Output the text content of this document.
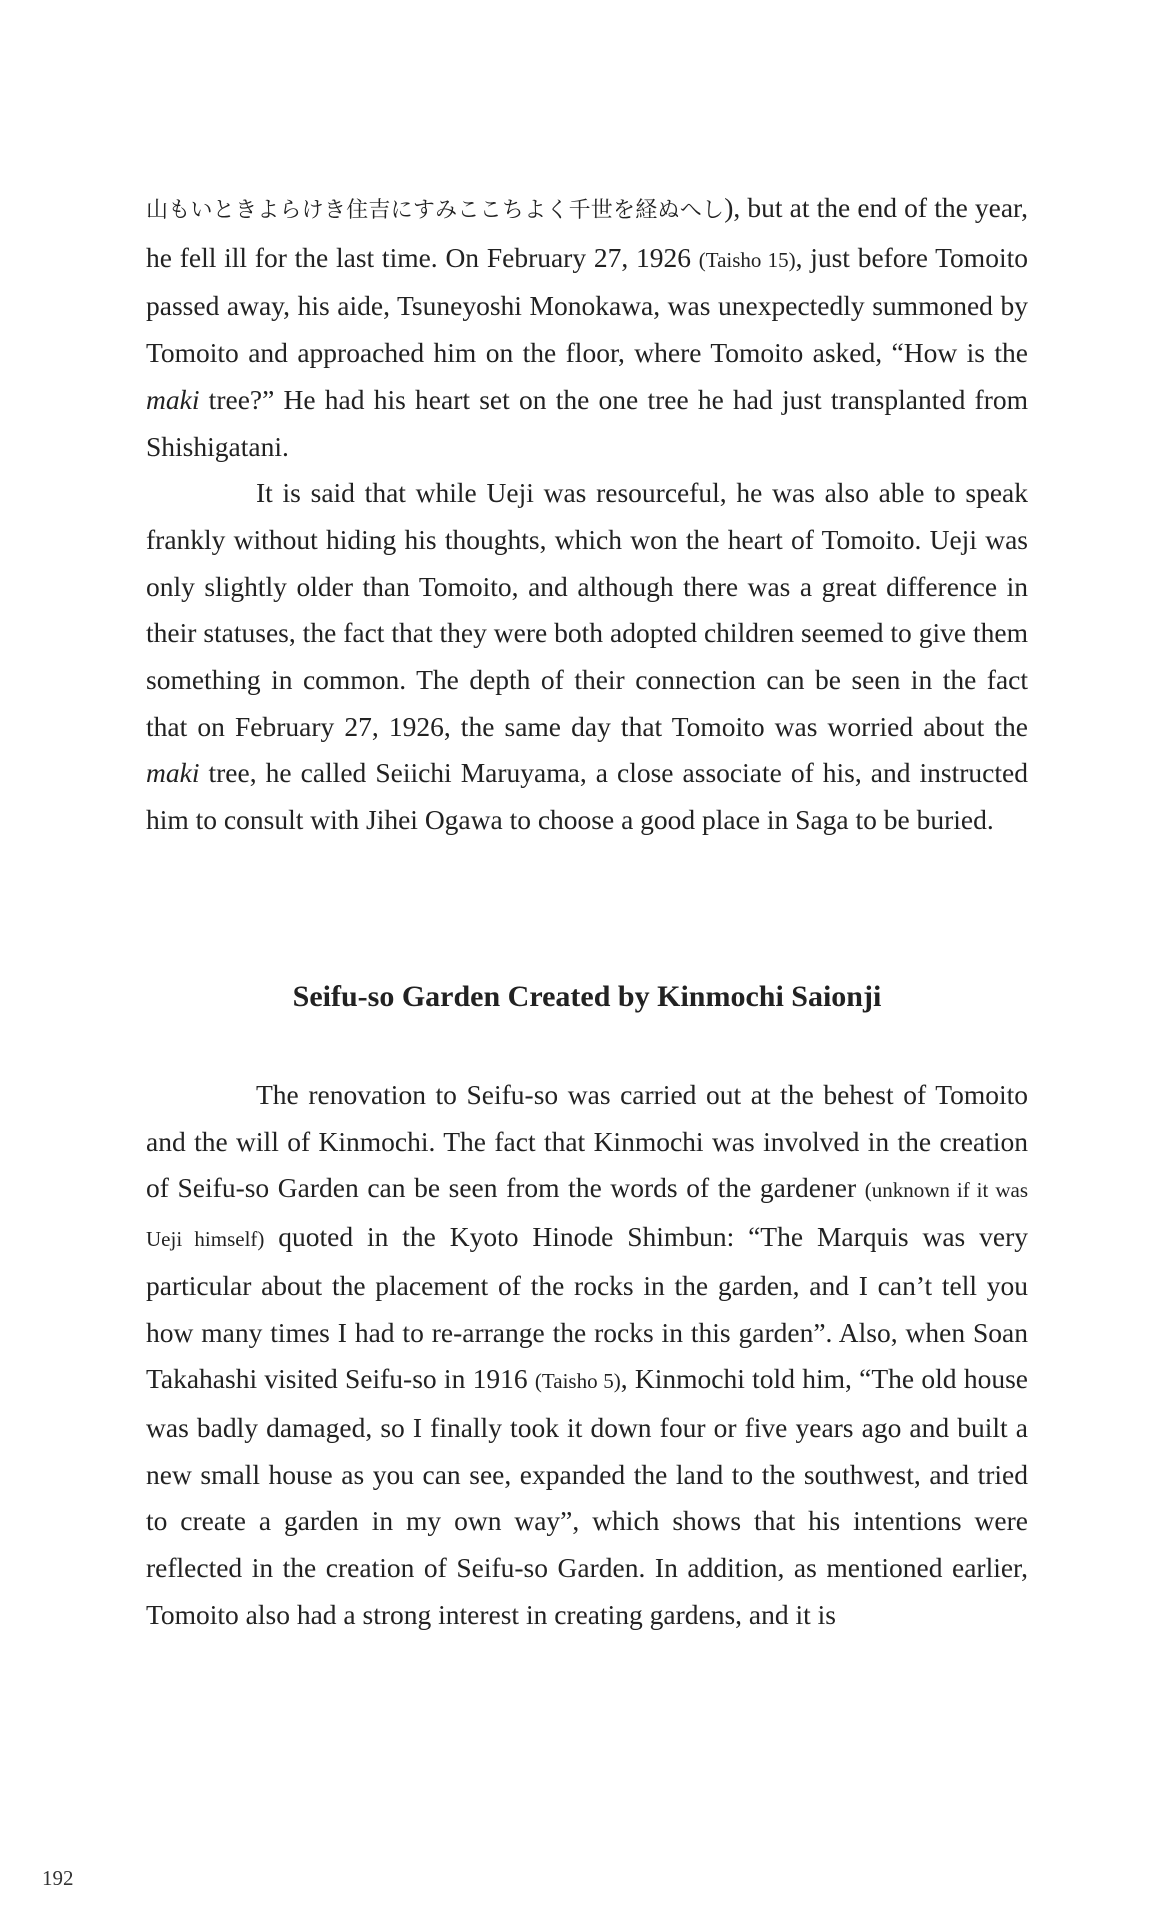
山もいときよらけき住吉にすみここちよく千世を経ぬへし), but at the end of the year, he fell ill for the last time. On February 27, 1926 (Taisho 15), just before Tomoito passed away, his aide, Tsuneyoshi Monokawa, was unexpectedly summoned by Tomoito and approached him on the floor, where Tomoito asked, “How is the maki tree?” He had his heart set on the one tree he had just transplanted from Shishigatani.

It is said that while Ueji was resourceful, he was also able to speak frankly without hiding his thoughts, which won the heart of Tomoito. Ueji was only slightly older than Tomoito, and although there was a great difference in their statuses, the fact that they were both adopted children seemed to give them something in common. The depth of their connection can be seen in the fact that on February 27, 1926, the same day that Tomoito was worried about the maki tree, he called Seiichi Maruyama, a close associate of his, and instructed him to consult with Jihei Ogawa to choose a good place in Saga to be buried.

Seifu-so Garden Created by Kinmochi Saionji

The renovation to Seifu-so was carried out at the behest of Tomoito and the will of Kinmochi. The fact that Kinmochi was involved in the creation of Seifu-so Garden can be seen from the words of the gardener (unknown if it was Ueji himself) quoted in the Kyoto Hinode Shimbun: “The Marquis was very particular about the placement of the rocks in the garden, and I can’t tell you how many times I had to re-arrange the rocks in this garden”. Also, when Soan Takahashi visited Seifu-so in 1916 (Taisho 5), Kinmochi told him, “The old house was badly damaged, so I finally took it down four or five years ago and built a new small house as you can see, expanded the land to the southwest, and tried to create a garden in my own way”, which shows that his intentions were reflected in the creation of Seifu-so Garden. In addition, as mentioned earlier, Tomoito also had a strong interest in creating gardens, and it is

192
